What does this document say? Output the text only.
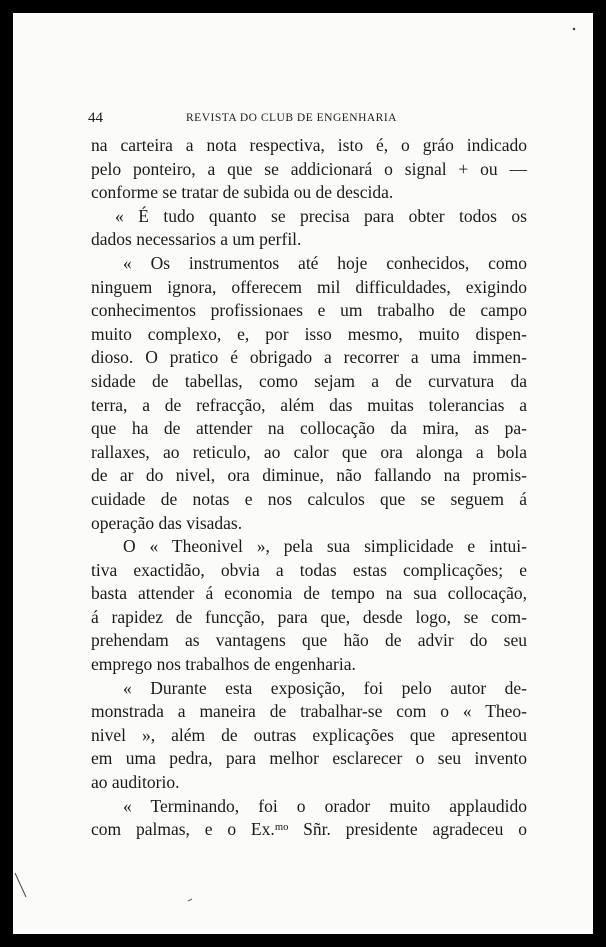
44	REVISTA DO CLUB DE ENGENHARIA
na carteira a nota respectiva, isto é, o gráo indicado
pelo ponteiro, a que se addicionará o signal + ou —
conforme se tratar de subida ou de descida.
« É tudo quanto se precisa para obter todos os
dados necessarios a um perfil.
« Os instrumentos até hoje conhecidos, como
ninguem ignora, offerecem mil difficuldades, exigindo
conhecimentos profissionaes e um trabalho de campo
muito complexo, e, por isso mesmo, muito dispen-
dioso. O pratico é obrigado a recorrer a uma immen-
sidade de tabellas, como sejam a de curvatura da
terra, a de refracção, além das muitas tolerancias a
que ha de attender na collocação da mira, as pa-
rallaxes, ao reticulo, ao calor que ora alonga a bola
de ar do nivel, ora diminue, não fallando na promis-
cuidade de notas e nos calculos que se seguem á
operação das visadas.
O « Theonivel », pela sua simplicidade e intui-
tiva exactidão, obvia a todas estas complicações; e
basta attender á economia de tempo na sua collocação,
á rapidez de funcção, para que, desde logo, se com-
prehendam as vantagens que hão de advir do seu
emprego nos trabalhos de engenharia.
« Durante esta exposição, foi pelo autor de-
monstrada a maneira de trabalhar-se com o « Theo-
nivel », além de outras explicações que apresentou
em uma pedra, para melhor esclarecer o seu invento
ao auditorio.
« Terminando, foi o orador muito applaudido
com palmas, e o Ex.ᵐᵒ Sñr. presidente agradeceu o
